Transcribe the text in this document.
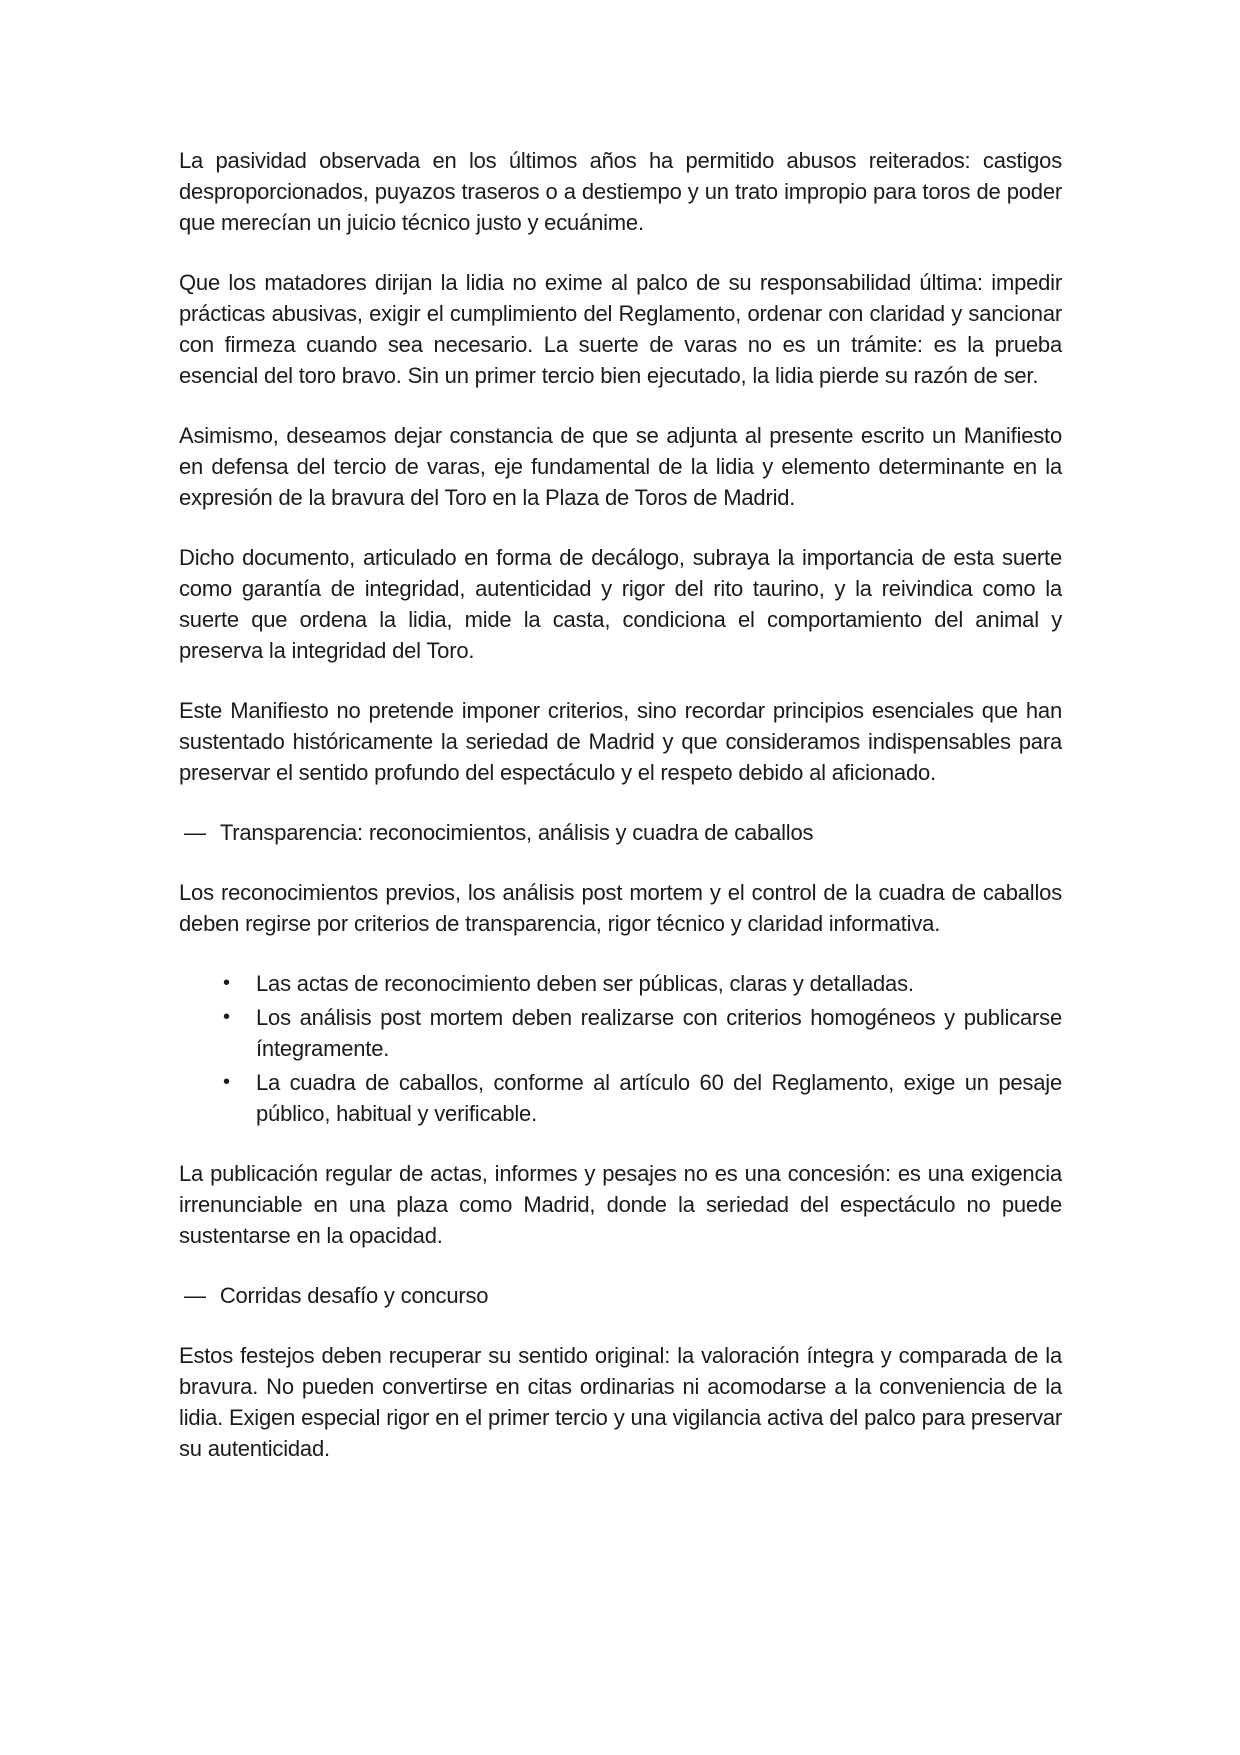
La pasividad observada en los últimos años ha permitido abusos reiterados: castigos desproporcionados, puyazos traseros o a destiempo y un trato impropio para toros de poder que merecían un juicio técnico justo y ecuánime.

Que los matadores dirijan la lidia no exime al palco de su responsabilidad última: impedir prácticas abusivas, exigir el cumplimiento del Reglamento, ordenar con claridad y sancionar con firmeza cuando sea necesario. La suerte de varas no es un trámite: es la prueba esencial del toro bravo. Sin un primer tercio bien ejecutado, la lidia pierde su razón de ser.

Asimismo, deseamos dejar constancia de que se adjunta al presente escrito un Manifiesto en defensa del tercio de varas, eje fundamental de la lidia y elemento determinante en la expresión de la bravura del Toro en la Plaza de Toros de Madrid.

Dicho documento, articulado en forma de decálogo, subraya la importancia de esta suerte como garantía de integridad, autenticidad y rigor del rito taurino, y la reivindica como la suerte que ordena la lidia, mide la casta, condiciona el comportamiento del animal y preserva la integridad del Toro.

Este Manifiesto no pretende imponer criterios, sino recordar principios esenciales que han sustentado históricamente la seriedad de Madrid y que consideramos indispensables para preservar el sentido profundo del espectáculo y el respeto debido al aficionado.

— Transparencia: reconocimientos, análisis y cuadra de caballos

Los reconocimientos previos, los análisis post mortem y el control de la cuadra de caballos deben regirse por criterios de transparencia, rigor técnico y claridad informativa.

• Las actas de reconocimiento deben ser públicas, claras y detalladas.
• Los análisis post mortem deben realizarse con criterios homogéneos y publicarse íntegramente.
• La cuadra de caballos, conforme al artículo 60 del Reglamento, exige un pesaje público, habitual y verificable.

La publicación regular de actas, informes y pesajes no es una concesión: es una exigencia irrenunciable en una plaza como Madrid, donde la seriedad del espectáculo no puede sustentarse en la opacidad.

— Corridas desafío y concurso

Estos festejos deben recuperar su sentido original: la valoración íntegra y comparada de la bravura. No pueden convertirse en citas ordinarias ni acomodarse a la conveniencia de la lidia. Exigen especial rigor en el primer tercio y una vigilancia activa del palco para preservar su autenticidad.
